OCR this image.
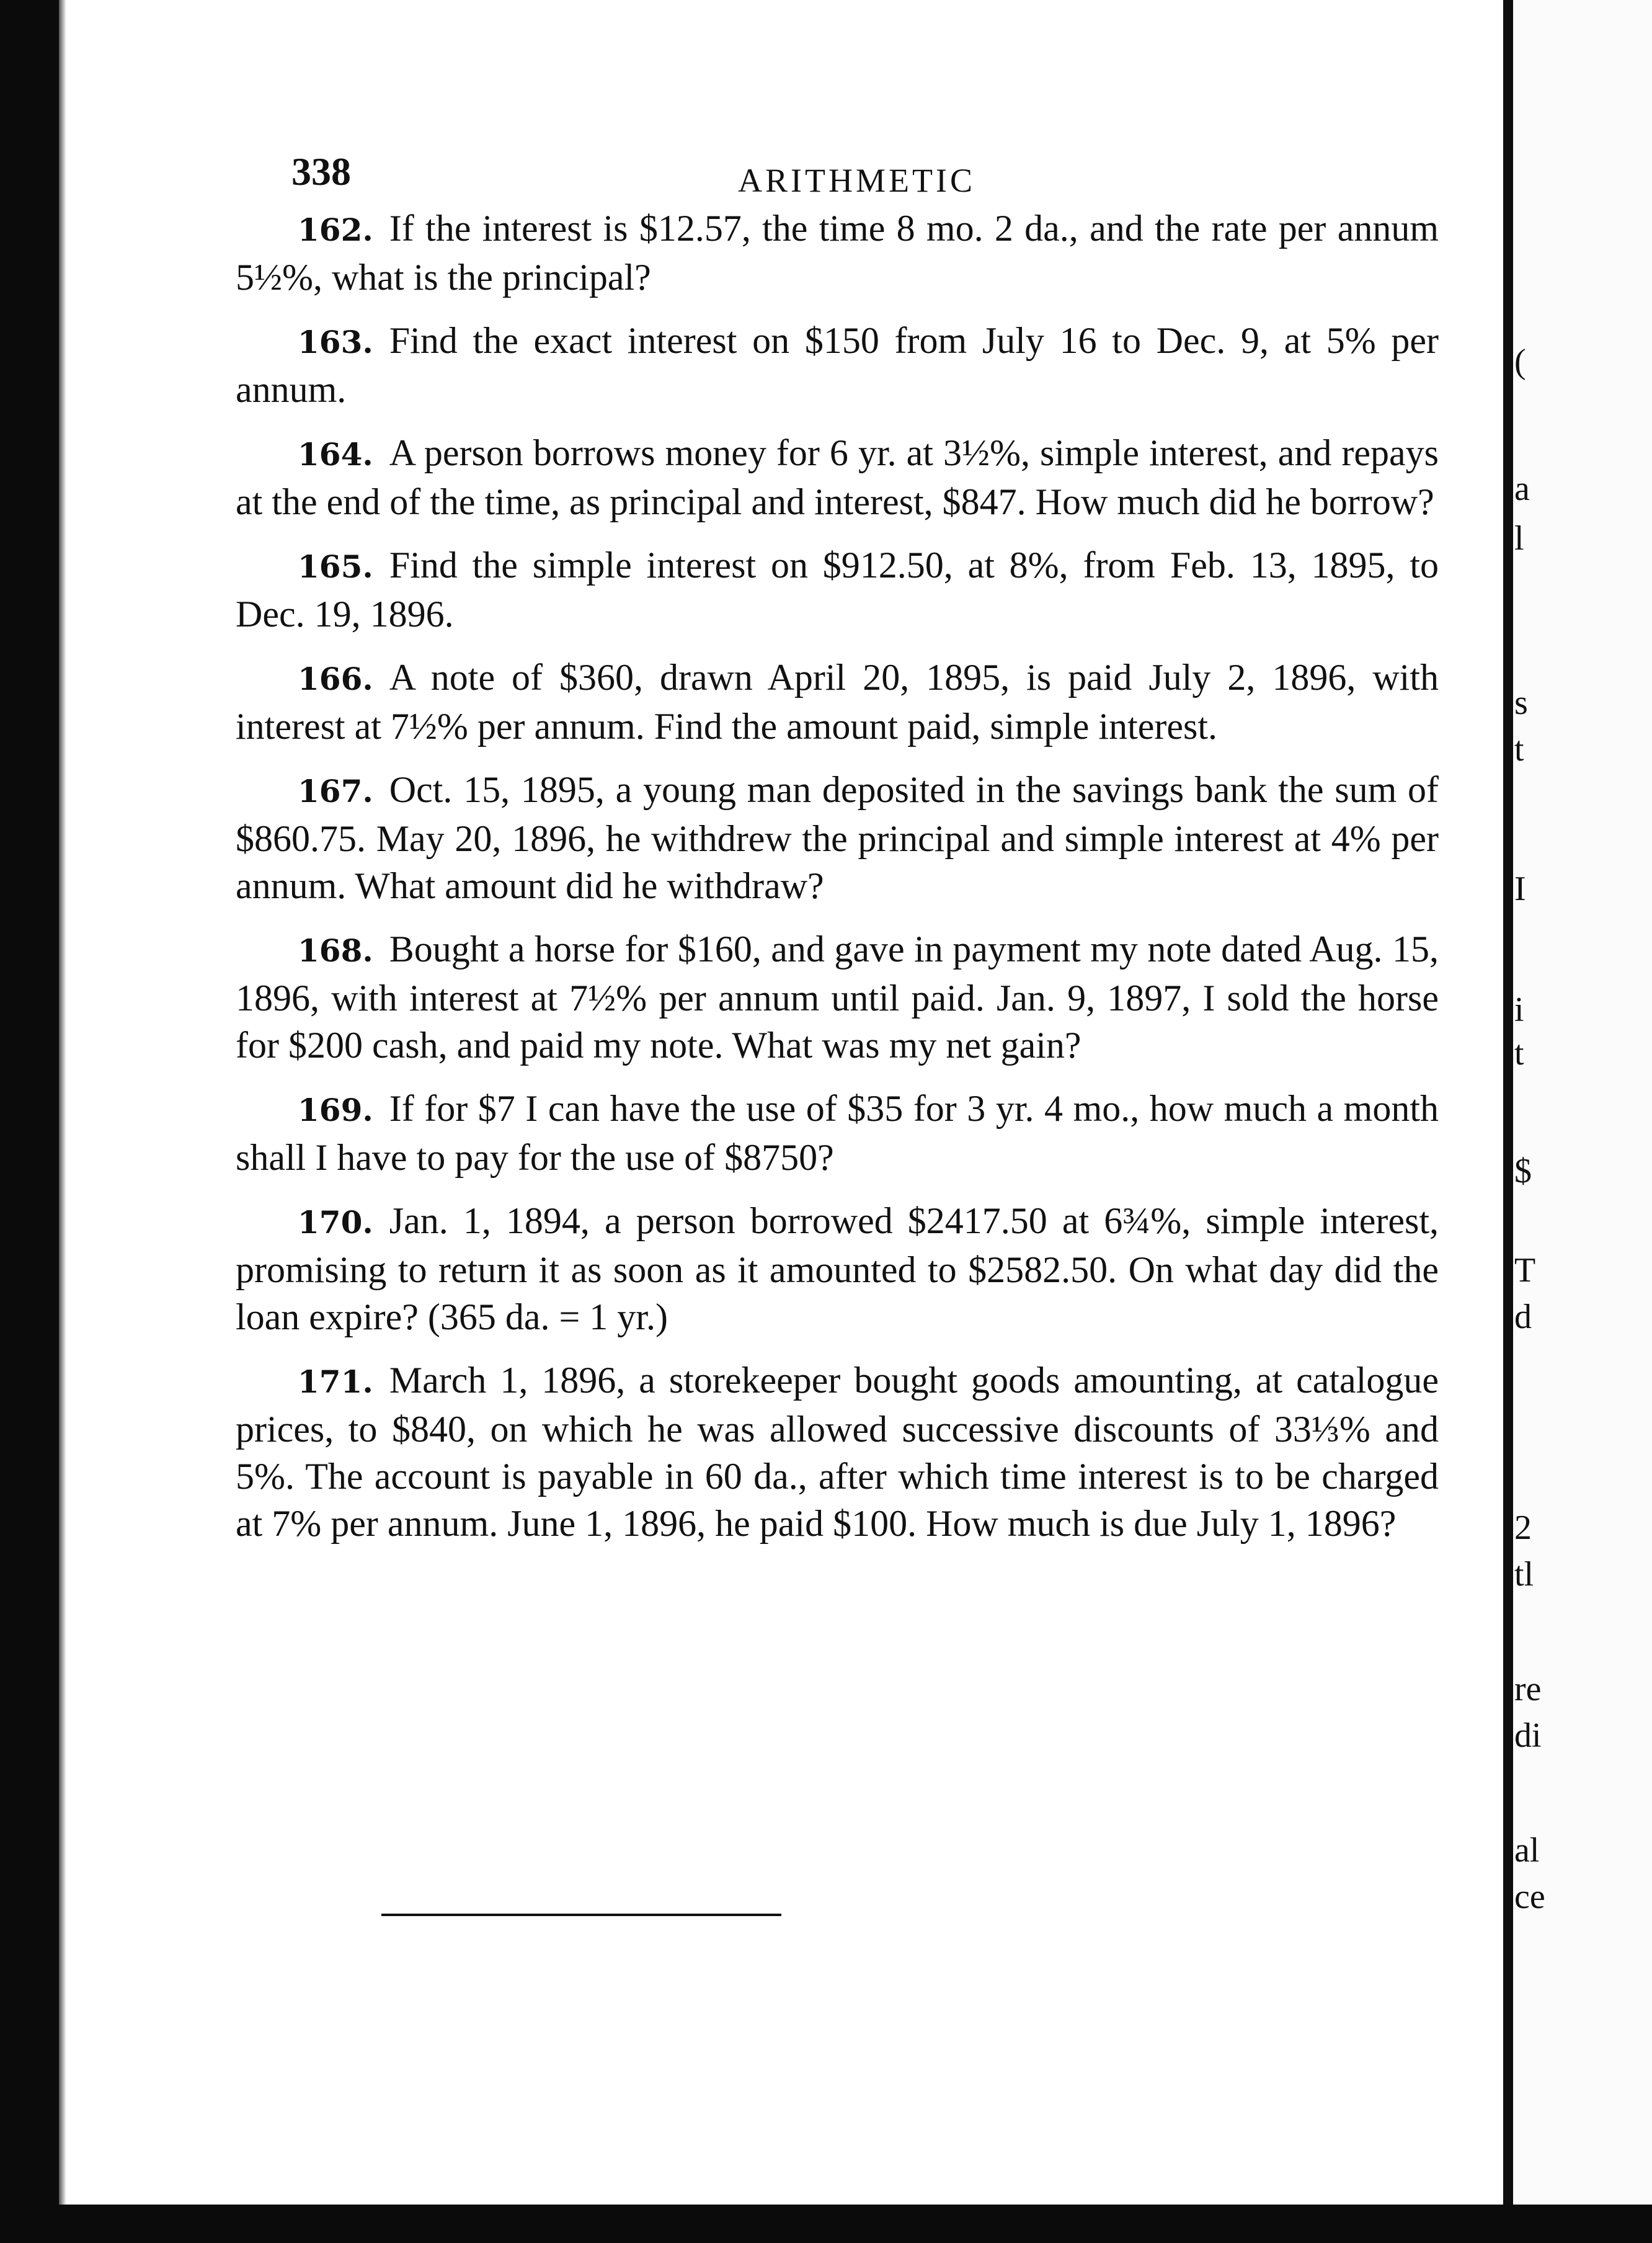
(
a
l
s
t
I
i
t
$
T
d
2
tl
re
di
al
ce
338	ARITHMETIC
162. If the interest is $12.57, the time 8 mo. 2 da., and the rate per annum 5½%, what is the principal?
163. Find the exact interest on $150 from July 16 to Dec. 9, at 5% per annum.
164. A person borrows money for 6 yr. at 3½%, simple interest, and repays at the end of the time, as principal and interest, $847. How much did he borrow?
165. Find the simple interest on $912.50, at 8%, from Feb. 13, 1895, to Dec. 19, 1896.
166. A note of $360, drawn April 20, 1895, is paid July 2, 1896, with interest at 7½% per annum. Find the amount paid, simple interest.
167. Oct. 15, 1895, a young man deposited in the savings bank the sum of $860.75. May 20, 1896, he withdrew the principal and simple interest at 4% per annum. What amount did he withdraw?
168. Bought a horse for $160, and gave in payment my note dated Aug. 15, 1896, with interest at 7½% per annum until paid. Jan. 9, 1897, I sold the horse for $200 cash, and paid my note. What was my net gain?
169. If for $7 I can have the use of $35 for 3 yr. 4 mo., how much a month shall I have to pay for the use of $8750?
170. Jan. 1, 1894, a person borrowed $2417.50 at 6¾%, simple interest, promising to return it as soon as it amounted to $2582.50. On what day did the loan expire? (365 da. = 1 yr.)
171. March 1, 1896, a storekeeper bought goods amounting, at catalogue prices, to $840, on which he was allowed successive discounts of 33⅓% and 5%. The account is payable in 60 da., after which time interest is to be charged at 7% per annum. June 1, 1896, he paid $100. How much is due July 1, 1896?
